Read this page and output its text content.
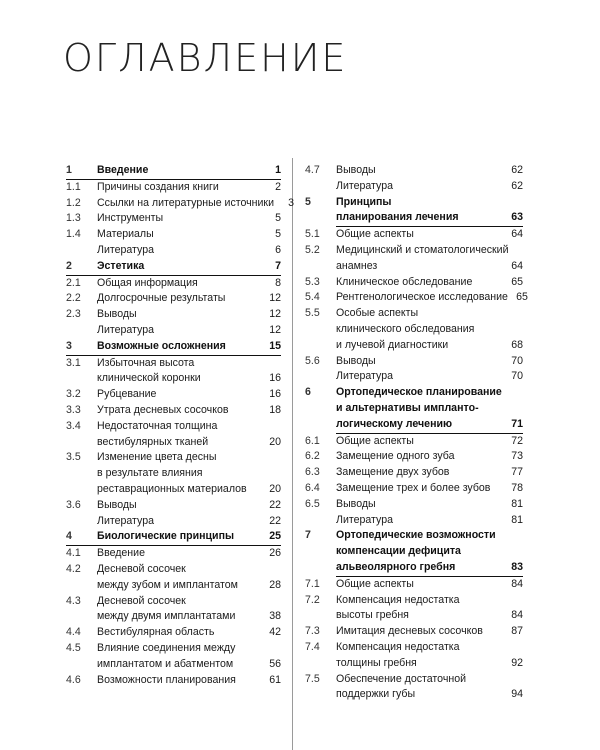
ОГЛАВЛЕНИЕ
1	Введение	1
1.1	Причины создания книги	2
1.2	Ссылки на литературные источники	3
1.3	Инструменты	5
1.4	Материалы	5
Литература	6
2	Эстетика	7
2.1	Общая информация	8
2.2	Долгосрочные результаты	12
2.3	Выводы	12
Литература	12
3	Возможные осложнения	15
3.1	Избыточная высота
клинической коронки	16
3.2	Рубцевание	16
3.3	Утрата десневых сосочков	18
3.4	Недостаточная толщина
вестибулярных тканей	20
3.5	Изменение цвета десны
в результате влияния
реставрационных материалов	20
3.6	Выводы	22
Литература	22
4	Биологические принципы	25
4.1	Введение	26
4.2	Десневой сосочек
между зубом и имплантатом	28
4.3	Десневой сосочек
между двумя имплантатами	38
4.4	Вестибулярная область	42
4.5	Влияние соединения между
имплантатом и абатментом	56
4.6	Возможности планирования	61
4.7	Выводы	62
Литература	62
5	Принципы
планирования лечения	63
5.1	Общие аспекты	64
5.2	Медицинский и стоматологический
анамнез	64
5.3	Клиническое обследование	65
5.4	Рентгенологическое исследование 65
5.5	Особые аспекты
клинического обследования
и лучевой диагностики	68
5.6	Выводы	70
Литература	70
6	Ортопедическое планирование
и альтернативы имплантo-
логическому лечению	71
6.1	Общие аспекты	72
6.2	Замещение одного зуба	73
6.3	Замещение двух зубов	77
6.4	Замещение трех и более зубов	78
6.5	Выводы	81
Литература	81
7	Ортопедические возможности
компенсации дефицита
альвеолярного гребня	83
7.1	Общие аспекты	84
7.2	Компенсация недостатка
высоты гребня	84
7.3	Имитация десневых сосочков	87
7.4	Компенсация недостатка
толщины гребня	92
7.5	Обеспечение достаточной
поддержки губы	94
